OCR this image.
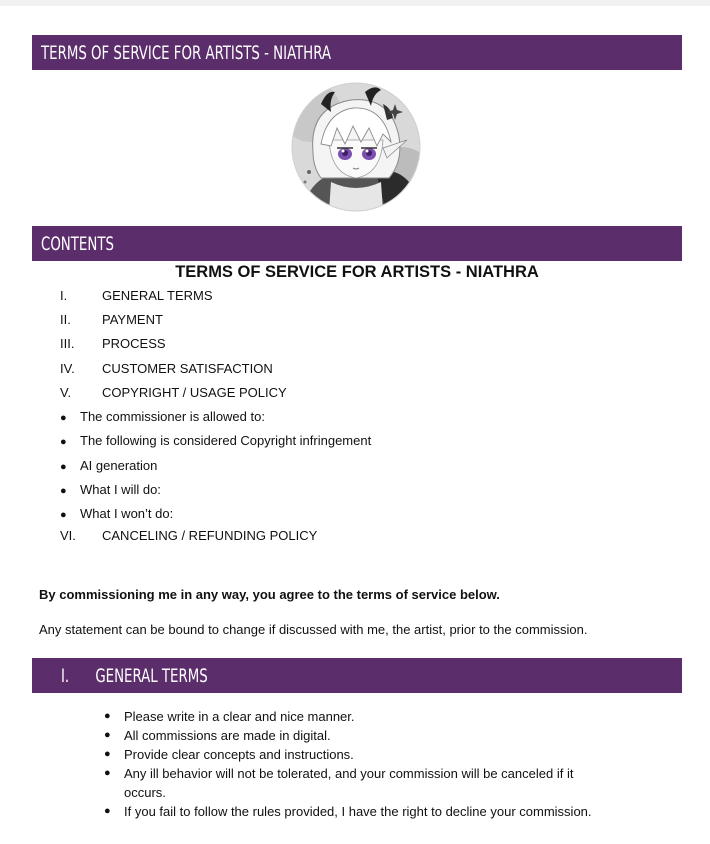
TERMS OF SERVICE FOR ARTISTS - NIATHRA
CONTENTS
TERMS OF SERVICE FOR ARTISTS - NIATHRA
I.	GENERAL TERMS
II. PAYMENT
III. PROCESS
IV. CUSTOMER SATISFACTION
V. COPYRIGHT / USAGE POLICY
● The commissioner is allowed to:
● The following is considered Copyright infringement
● AI generation
● What I will do:
● What I won’t do:
VI. CANCELING / REFUNDING POLICY
By commissioning me in any way, you agree to the terms of service below.
Any statement can be bound to change if discussed with me, the artist, prior to the commission.
I. GENERAL TERMS
● Please write in a clear and nice manner.
● All commissions are made in digital.
● Provide clear concepts and instructions.
● Any ill behavior will not be tolerated, and your commission will be canceled if it occurs.
● If you fail to follow the rules provided, I have the right to decline your commission.
